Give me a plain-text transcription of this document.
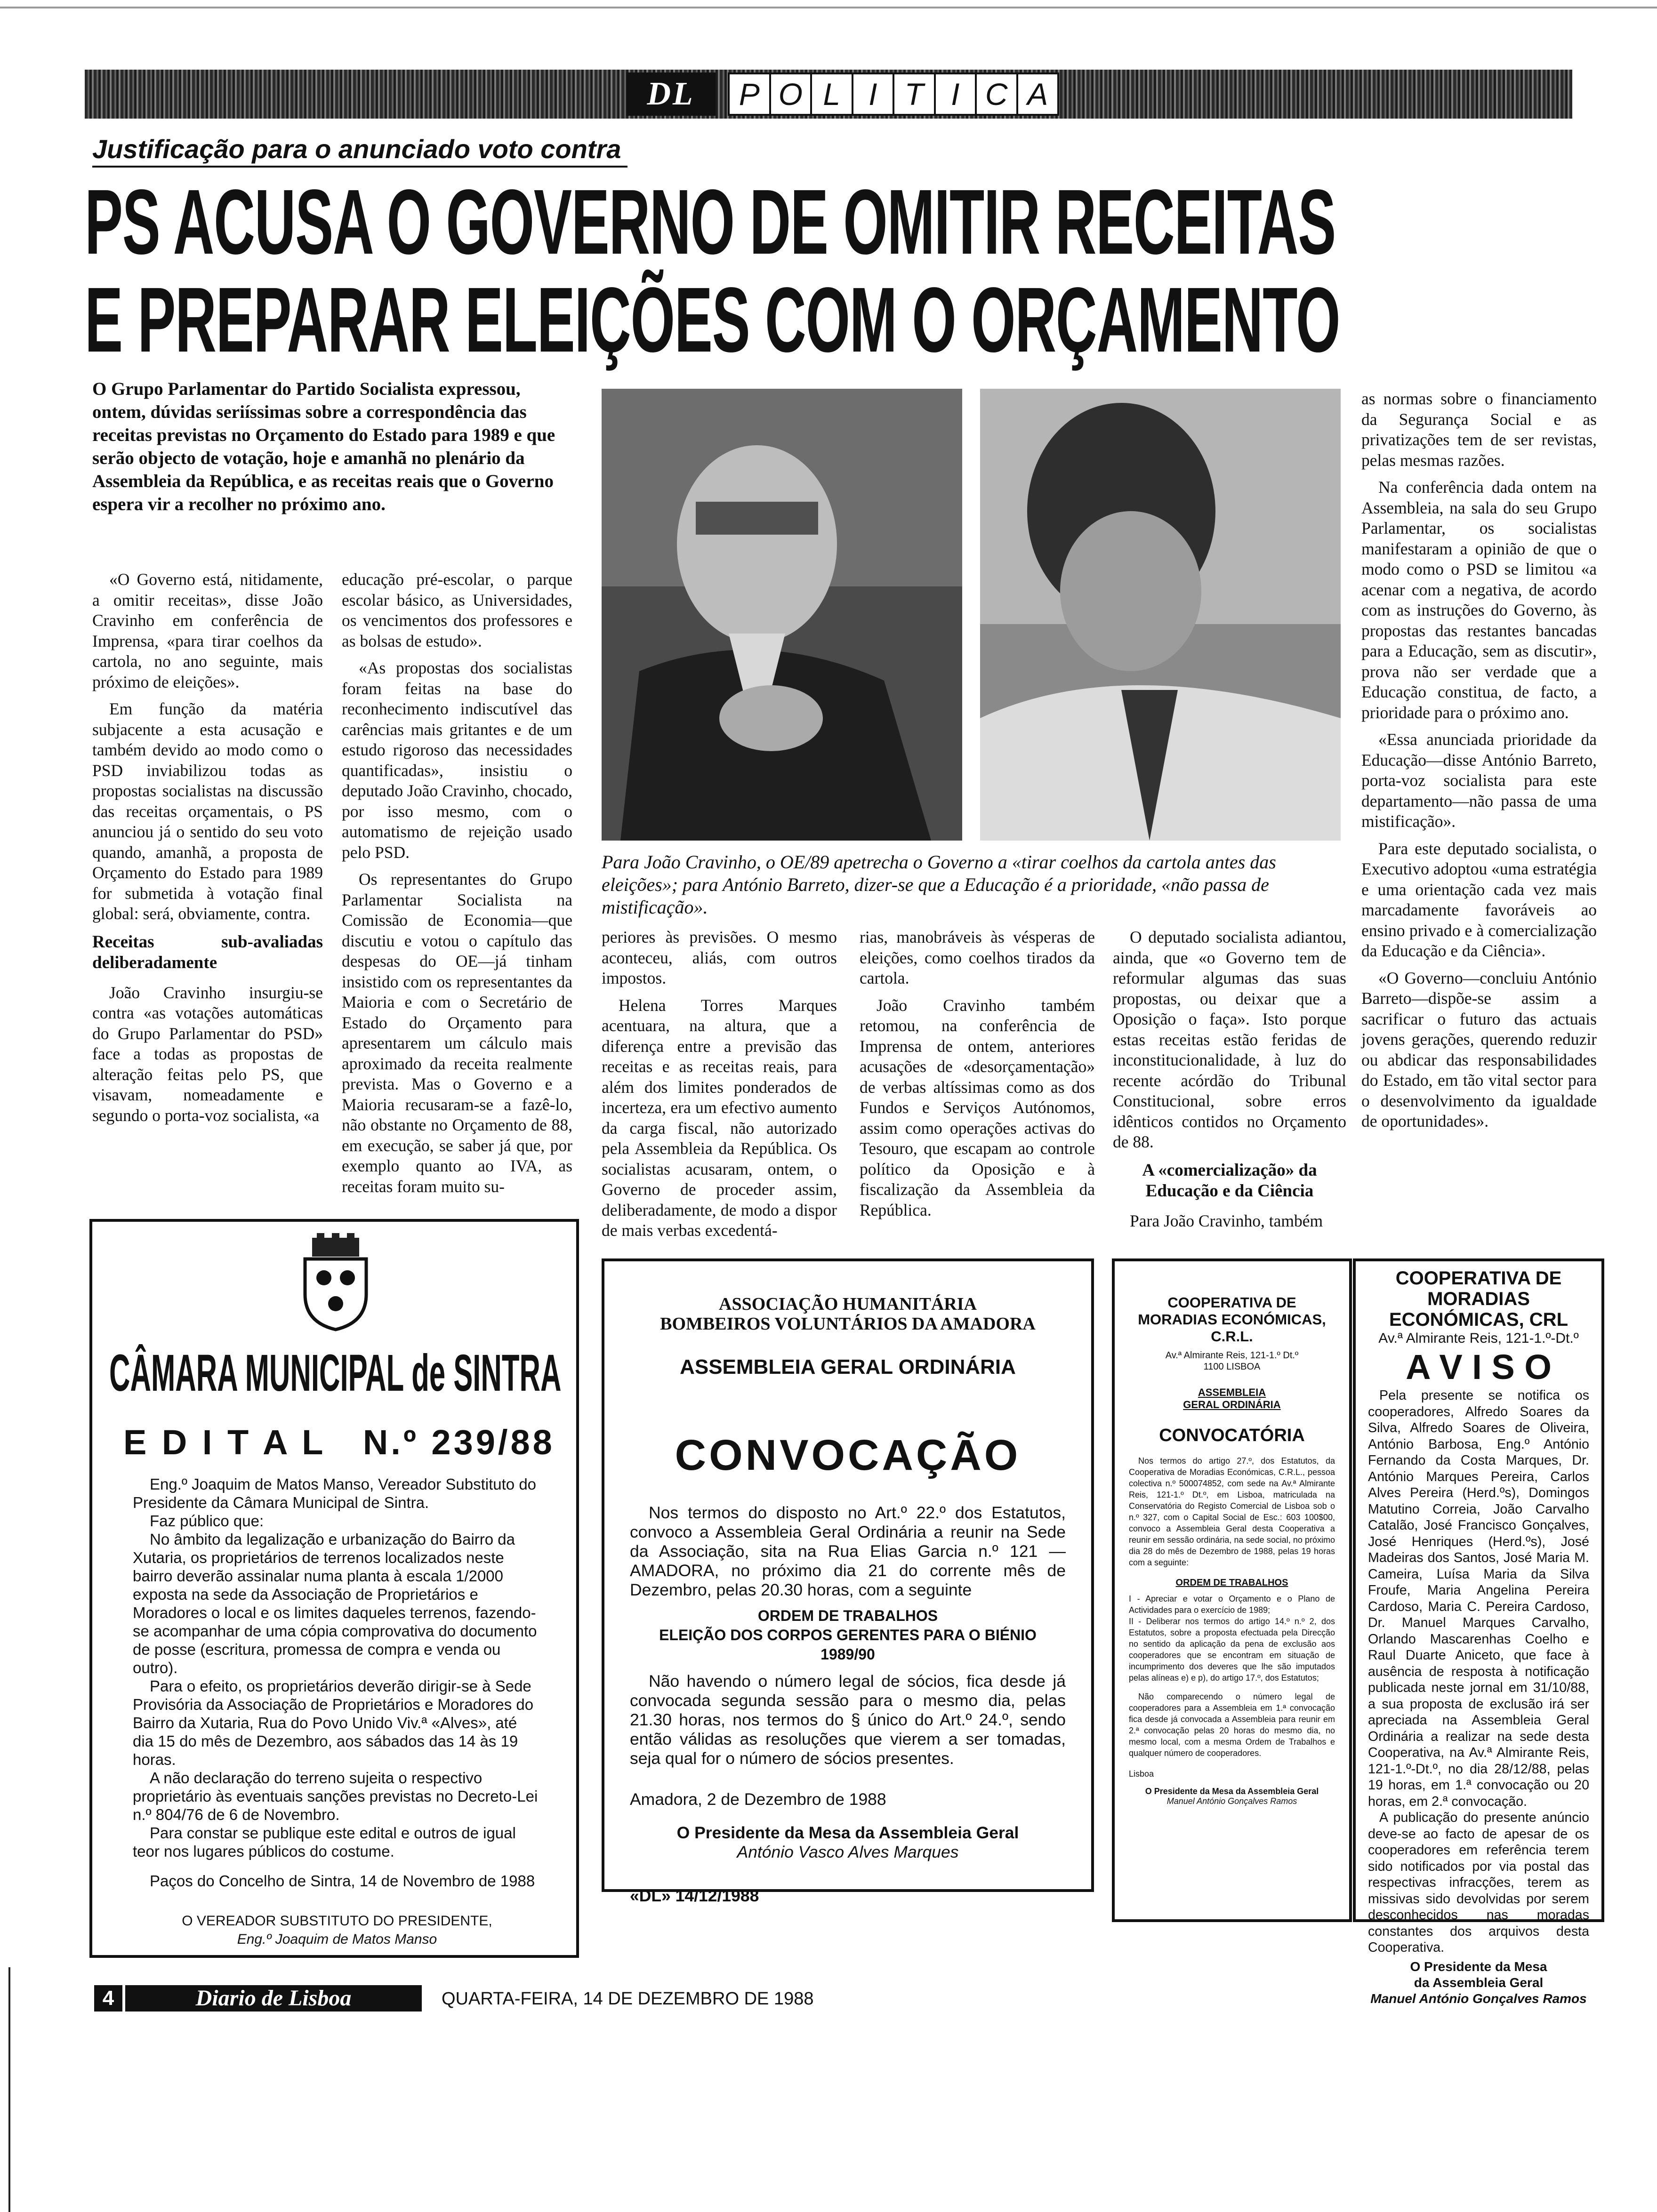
DL	P O L I T I C A
Justificação para o anunciado voto contra
PS ACUSA O GOVERNO DE OMITIR RECEITAS
E PREPARAR ELEIÇÕES COM O ORÇAMENTO
O Grupo Parlamentar do Partido Socialista expressou, ontem, dúvidas seriíssimas sobre a correspondência das receitas previstas no Orçamento do Estado para 1989 e que serão objecto de votação, hoje e amanhã no plenário da Assembleia da República, e as receitas reais que o Governo espera vir a recolher no próximo ano.
Para João Cravinho, o OE/89 apetrecha o Governo a «tirar coelhos da cartola antes das eleições»; para António Barreto, dizer-se que a Educação é a prioridade, «não passa de mistificação».

«O Governo está, nitidamente, a omitir receitas», disse João Cravinho em conferência de Imprensa, «para tirar coelhos da cartola, no ano seguinte, mais próximo de eleições».

Em função da matéria subjacente a esta acusação e também devido ao modo como o PSD inviabilizou todas as propostas socialistas na discussão das receitas orçamentais, o PS anunciou já o sentido do seu voto quando, amanhã, a proposta de Orçamento do Estado para 1989 for submetida à votação final global: será, obviamente, contra.

Receitas sub-avaliadas deliberadamente

João Cravinho insurgiu-se contra «as votações automáticas do Grupo Parlamentar do PSD» face a todas as propostas de alteração feitas pelo PS, que visavam, nomeadamente e segundo o porta-voz socialista, «a

educação pré-escolar, o parque escolar básico, as Universidades, os vencimentos dos professores e as bolsas de estudo».

«As propostas dos socialistas foram feitas na base do reconhecimento indiscutível das carências mais gritantes e de um estudo rigoroso das necessidades quantificadas», insistiu o deputado João Cravinho, chocado, por isso mesmo, com o automatismo de rejeição usado pelo PSD.

Os representantes do Grupo Parlamentar Socialista na Comissão de Economia—que discutiu e votou o capítulo das despesas do OE—já tinham insistido com os representantes da Maioria e com o Secretário de Estado do Orçamento para apresentarem um cálculo mais aproximado da receita realmente prevista. Mas o Governo e a Maioria recusaram-se a fazê-lo, não obstante no Orçamento de 88, em execução, se saber já que, por exemplo quanto ao IVA, as receitas foram muito su-

periores às previsões. O mesmo aconteceu, aliás, com outros impostos.

Helena Torres Marques acentuara, na altura, que a diferença entre a previsão das receitas e as receitas reais, para além dos limites ponderados de incerteza, era um efectivo aumento da carga fiscal, não autorizado pela Assembleia da República. Os socialistas acusaram, ontem, o Governo de proceder assim, deliberadamente, de modo a dispor de mais verbas excedentá-

rias, manobráveis às vésperas de eleições, como coelhos tirados da cartola.

João Cravinho também retomou, na conferência de Imprensa de ontem, anteriores acusações de «desorçamentação» de verbas altíssimas como as dos Fundos e Serviços Autónomos, assim como operações activas do Tesouro, que escapam ao controle político da Oposição e à fiscalização da Assembleia da República.

O deputado socialista adiantou, ainda, que «o Governo tem de reformular algumas das suas propostas, ou deixar que a Oposição o faça». Isto porque estas receitas estão feridas de inconstitucionalidade, à luz do recente acórdão do Tribunal Constitucional, sobre erros idênticos contidos no Orçamento de 88.

A «comercialização» da Educação e da Ciência

Para João Cravinho, também

as normas sobre o financiamento da Segurança Social e as privatizações tem de ser revistas, pelas mesmas razões.

Na conferência dada ontem na Assembleia, na sala do seu Grupo Parlamentar, os socialistas manifestaram a opinião de que o modo como o PSD se limitou «a acenar com a negativa, de acordo com as instruções do Governo, às propostas das restantes bancadas para a Educação, sem as discutir», prova não ser verdade que a Educação constitua, de facto, a prioridade para o próximo ano.

«Essa anunciada prioridade da Educação—disse António Barreto, porta-voz socialista para este departamento—não passa de uma mistificação».

Para este deputado socialista, o Executivo adoptou «uma estratégia e uma orientação cada vez mais marcadamente favoráveis ao ensino privado e à comercialização da Educação e da Ciência».

«O Governo—concluiu António Barreto—dispõe-se assim a sacrificar o futuro das actuais jovens gerações, querendo reduzir ou abdicar das responsabilidades do Estado, em tão vital sector para o desenvolvimento da igualdade de oportunidades».

CÂMARA MUNICIPAL de SINTRA
E D I T A L   N.º 239/88
Eng.º Joaquim de Matos Manso, Vereador Substituto do Presidente da Câmara Municipal de Sintra.
Faz público que:
No âmbito da legalização e urbanização do Bairro da Xutaria, os proprietários de terrenos localizados neste bairro deverão assinalar numa planta à escala 1/2000 exposta na sede da Associação de Proprietários e Moradores o local e os limites daqueles terrenos, fazendo-se acompanhar de uma cópia comprovativa do documento de posse (escritura, promessa de compra e venda ou outro).
Para o efeito, os proprietários deverão dirigir-se à Sede Provisória da Associação de Proprietários e Moradores do Bairro da Xutaria, Rua do Povo Unido Viv.ª «Alves», até dia 15 do mês de Dezembro, aos sábados das 14 às 19 horas.
A não declaração do terreno sujeita o respectivo proprietário às eventuais sanções previstas no Decreto-Lei n.º 804/76 de 6 de Novembro.
Para constar se publique este edital e outros de igual teor nos lugares públicos do costume.
Paços do Concelho de Sintra, 14 de Novembro de 1988
O VEREADOR SUBSTITUTO DO PRESIDENTE,
Eng.º Joaquim de Matos Manso
ASSOCIAÇÃO HUMANITÁRIA
BOMBEIROS VOLUNTÁRIOS DA AMADORA
ASSEMBLEIA GERAL ORDINÁRIA
CONVOCAÇÃO
Nos termos do disposto no Art.º 22.º dos Estatutos, convoco a Assembleia Geral Ordinária a reunir na Sede da Associação, sita na Rua Elias Garcia n.º 121 — AMADORA, no próximo dia 21 do corrente mês de Dezembro, pelas 20.30 horas, com a seguinte
ORDEM DE TRABALHOS
ELEIÇÃO DOS CORPOS GERENTES PARA O BIÉNIO 1989/90
Não havendo o número legal de sócios, fica desde já convocada segunda sessão para o mesmo dia, pelas 21.30 horas, nos termos do § único do Art.º 24.º, sendo então válidas as resoluções que vierem a ser tomadas, seja qual for o número de sócios presentes.
Amadora, 2 de Dezembro de 1988
O Presidente da Mesa da Assembleia Geral
António Vasco Alves Marques
«DL» 14/12/1988
COOPERATIVA DE MORADIAS ECONÓMICAS, C.R.L.
Av.ª Almirante Reis, 121-1.º Dt.º
1100 LISBOA
ASSEMBLEIA GERAL ORDINÁRIA
CONVOCATÓRIA
Nos termos do artigo 27.º, dos Estatutos, da Cooperativa de Moradias Económicas, C.R.L., pessoa colectiva n.º 500074852, com sede na Av.ª Almirante Reis, 121-1.º Dt.º, em Lisboa, matriculada na Conservatória do Registo Comercial de Lisboa sob o n.º 327, com o Capital Social de Esc.: 603 100$00, convoco a Assembleia Geral desta Cooperativa a reunir em sessão ordinária, na sede social, no próximo dia 28 do mês de Dezembro de 1988, pelas 19 horas com a seguinte:
ORDEM DE TRABALHOS
I - Apreciar e votar o Orçamento e o Plano de Actividades para o exercício de 1989;
II - Deliberar nos termos do artigo 14.º n.º 2, dos Estatutos, sobre a proposta efectuada pela Direcção no sentido da aplicação da pena de exclusão aos cooperadores que se encontram em situação de incumprimento dos deveres que lhe são imputados pelas alíneas e) e p), do artigo 17.º, dos Estatutos;
Não comparecendo o número legal de cooperadores para a Assembleia em 1.ª convocação fica desde já convocada a Assembleia para reunir em 2.ª convocação pelas 20 horas do mesmo dia, no mesmo local, com a mesma Ordem de Trabalhos e qualquer número de cooperadores.
Lisboa
O Presidente da Mesa da Assembleia Geral
Manuel António Gonçalves Ramos
COOPERATIVA DE MORADIAS
ECONÓMICAS, CRL
Av.ª Almirante Reis, 121-1.º-Dt.º
A V I S O
Pela presente se notifica os cooperadores, Alfredo Soares da Silva, Alfredo Soares de Oliveira, António Barbosa, Eng.º António Fernando da Costa Marques, Dr. António Marques Pereira, Carlos Alves Pereira (Herd.ºs), Domingos Matutino Correia, João Carvalho Catalão, José Francisco Gonçalves, José Henriques (Herd.ºs), José Madeiras dos Santos, José Maria M. Cameira, Luísa Maria da Silva Froufe, Maria Angelina Pereira Cardoso, Maria C. Pereira Cardoso, Dr. Manuel Marques Carvalho, Orlando Mascarenhas Coelho e Raul Duarte Aniceto, que face à ausência de resposta à notificação publicada neste jornal em 31/10/88, a sua proposta de exclusão irá ser apreciada na Assembleia Geral Ordinária a realizar na sede desta Cooperativa, na Av.ª Almirante Reis, 121-1.º-Dt.º, no dia 28/12/88, pelas 19 horas, em 1.ª convocação ou 20 horas, em 2.ª convocação.
A publicação do presente anúncio deve-se ao facto de apesar de os cooperadores em referência terem sido notificados por via postal das respectivas infracções, terem as missivas sido devolvidas por serem desconhecidos nas moradas constantes dos arquivos desta Cooperativa.
O Presidente da Mesa
da Assembleia Geral
Manuel António Gonçalves Ramos
4	Diario de Lisboa	QUARTA-FEIRA, 14 DE DEZEMBRO DE 1988
